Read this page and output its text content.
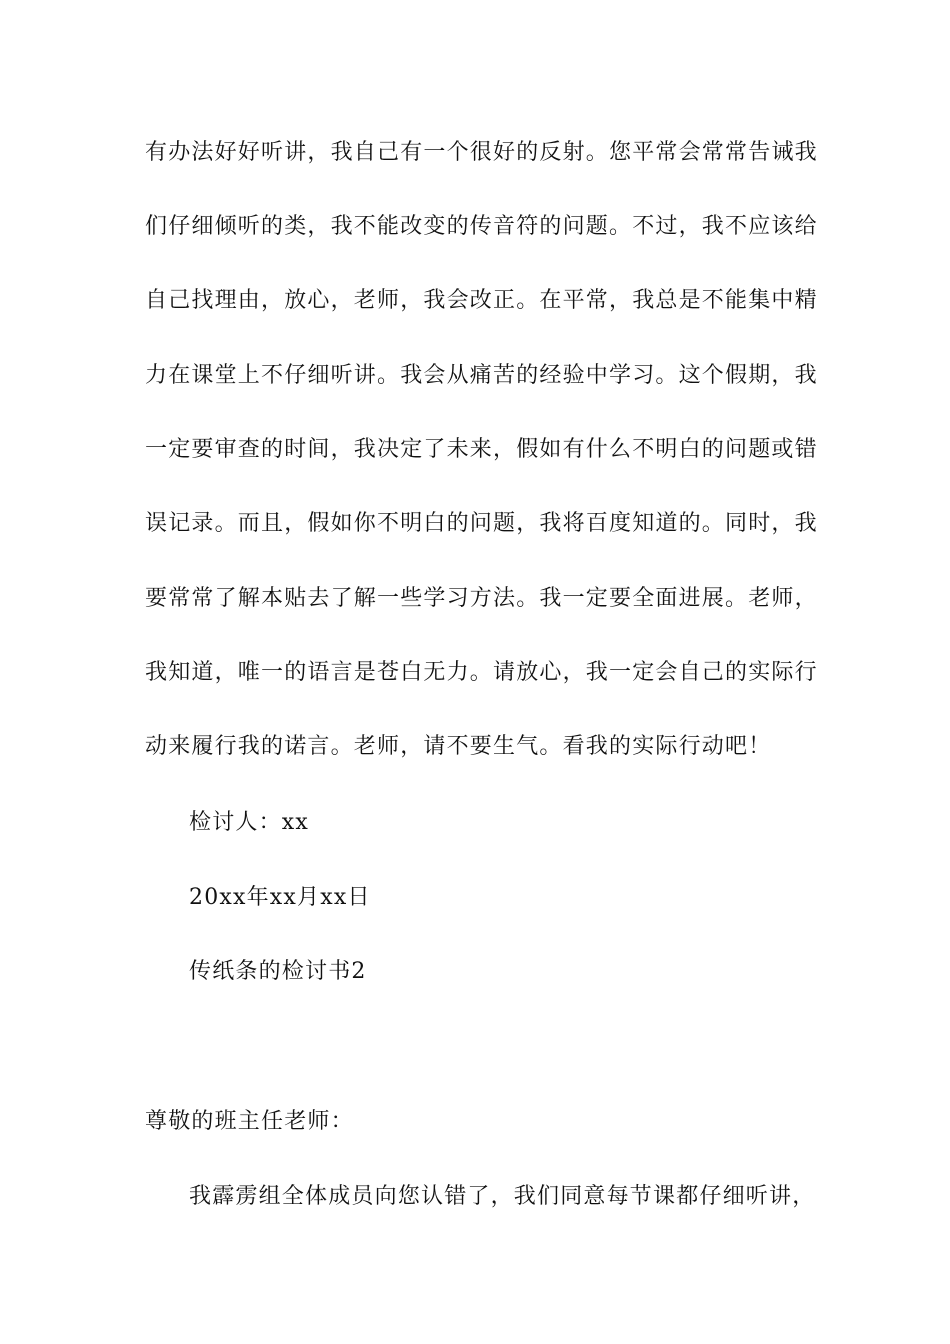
有办法好好听讲，我自己有一个很好的反射。您平常会常常告诫我
们仔细倾听的类，我不能改变的传音符的问题。不过，我不应该给
自己找理由，放心，老师，我会改正。在平常，我总是不能集中精
力在课堂上不仔细听讲。我会从痛苦的经验中学习。这个假期，我
一定要审查的时间，我决定了未来，假如有什么不明白的问题或错
误记录。而且，假如你不明白的问题，我将百度知道的。同时，我
要常常了解本贴去了解一些学习方法。我一定要全面进展。老师，
我知道，唯一的语言是苍白无力。请放心，我一定会自己的实际行
动来履行我的诺言。老师，请不要生气。看我的实际行动吧！
检讨人：xx
20xx年xx月xx日
传纸条的检讨书2
尊敬的班主任老师：
我霹雳组全体成员向您认错了，我们同意每节课都仔细听讲，
